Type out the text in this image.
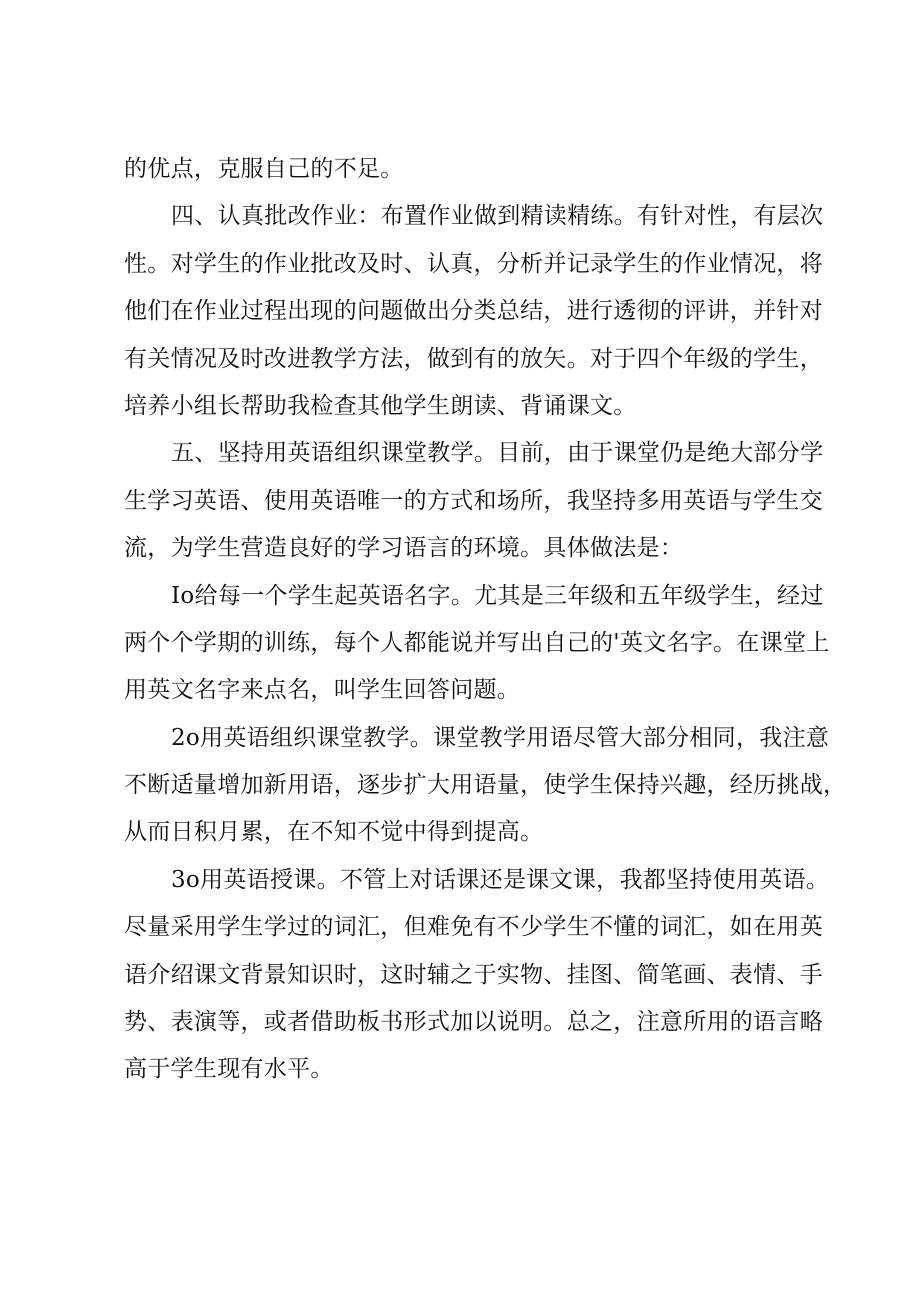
的优点，克服自己的不足。
四、认真批改作业：布置作业做到精读精练。有针对性，有层次
性。对学生的作业批改及时、认真，分析并记录学生的作业情况，将
他们在作业过程出现的问题做出分类总结，进行透彻的评讲，并针对
有关情况及时改进教学方法，做到有的放矢。对于四个年级的学生，
培养小组长帮助我检查其他学生朗读、背诵课文。
五、坚持用英语组织课堂教学。目前，由于课堂仍是绝大部分学
生学习英语、使用英语唯一的方式和场所，我坚持多用英语与学生交
流，为学生营造良好的学习语言的环境。具体做法是：
Io给每一个学生起英语名字。尤其是三年级和五年级学生，经过
两个个学期的训练，每个人都能说并写出自己的'英文名字。在课堂上
用英文名字来点名，叫学生回答问题。
2o用英语组织课堂教学。课堂教学用语尽管大部分相同，我注意
不断适量增加新用语，逐步扩大用语量，使学生保持兴趣，经历挑战，
从而日积月累，在不知不觉中得到提高。
3o用英语授课。不管上对话课还是课文课，我都坚持使用英语。
尽量采用学生学过的词汇，但难免有不少学生不懂的词汇，如在用英
语介绍课文背景知识时，这时辅之于实物、挂图、简笔画、表情、手
势、表演等，或者借助板书形式加以说明。总之，注意所用的语言略
高于学生现有水平。
